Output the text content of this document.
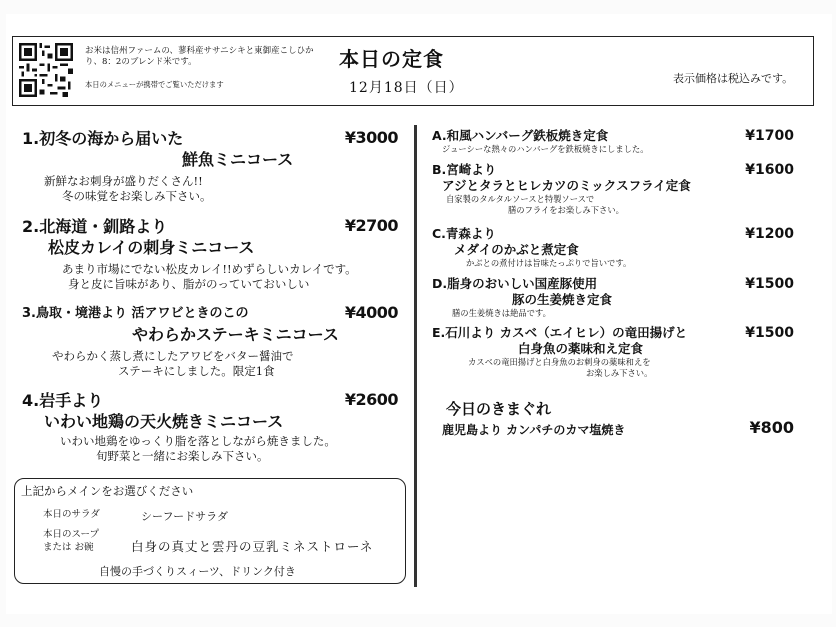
お米は信州ファームの、蓼科産ササニシキと東御産こしひかり、8：2のブレンド米です。
本日のメニューが携帯でご覧いただけます
本日の定食
12月18日（日）
表示価格は税込みです。
1.初冬の海から届いた
鮮魚ミニコース
¥3000
新鮮なお刺身が盛りだくさん!!
冬の味覚をお楽しみ下さい。
2.北海道・釧路より
松皮カレイの刺身ミニコース
¥2700
あまり市場にでない松皮カレイ!!めずらしいカレイです。
身と皮に旨味があり、脂がのっていておいしい
3.鳥取・境港より 活アワビときのこの
やわらかステーキミニコース
¥4000
やわらかく蒸し煮にしたアワビをバター醤油で
ステーキにしました。限定1食
4.岩手より
いわい地鶏の天火焼きミニコース
¥2600
いわい地鶏をゆっくり脂を落としながら焼きました。
旬野菜と一緒にお楽しみ下さい。
上記からメインをお選びください
本日のサラダ	シーフードサラダ
本日のスープ
または お碗	白身の真丈と雲丹の豆乳ミネストローネ
自慢の手づくりスィーツ、ドリンク付き
A.和風ハンバーグ鉄板焼き定食	¥1700
ジューシーな熱々のハンバーグを鉄板焼きにしました。
B.宮崎より
アジとタラとヒレカツのミックスフライ定食
¥1600
自家製のタルタルソースと特製ソースで
膳のフライをお楽しみ下さい。
C.青森より
メダイのかぶと煮定食
¥1200
かぶとの煮付けは旨味たっぷりで旨いです。
D.脂身のおいしい国産豚使用
豚の生姜焼き定食
¥1500
膳の生姜焼きは絶品です。
E.石川より カスベ（エイヒレ）の竜田揚げと
白身魚の薬味和え定食
¥1500
カスベの竜田揚げと白身魚のお刺身の薬味和えを
お楽しみ下さい。
今日のきまぐれ
鹿児島より カンパチのカマ塩焼き	¥800
